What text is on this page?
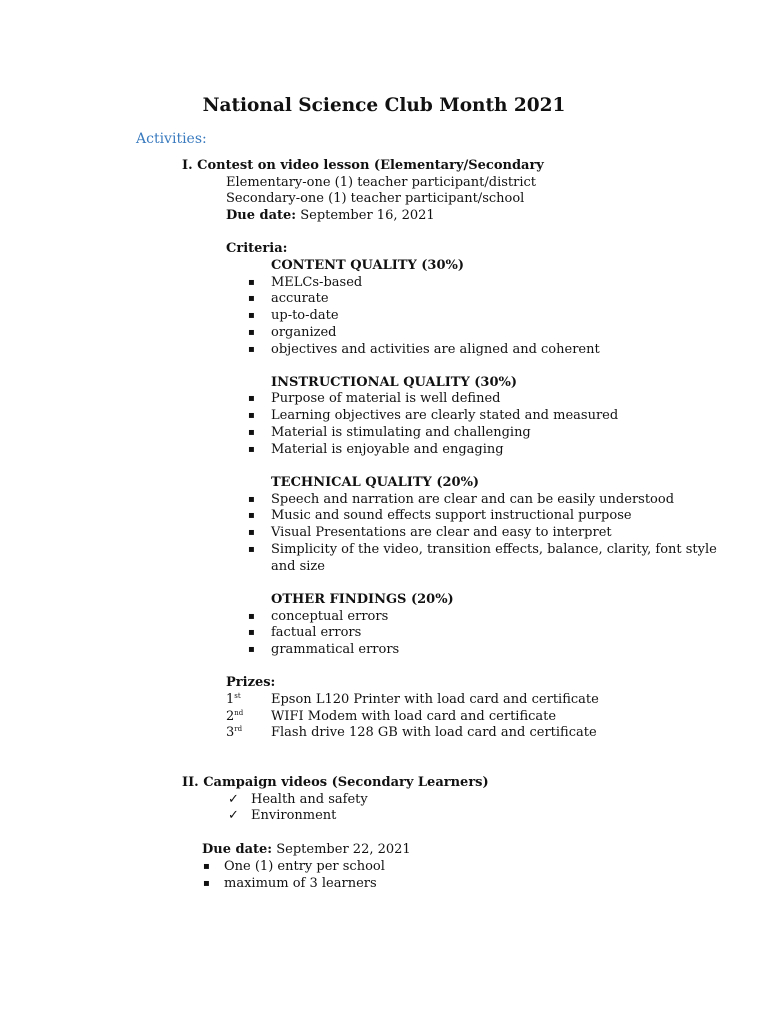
National Science Club Month 2021
Activities:
I. Contest on video lesson (Elementary/Secondary
Elementary-one (1) teacher participant/district
Secondary-one (1) teacher participant/school
Due date: September 16, 2021
Criteria:
CONTENT QUALITY (30%)
▪ MELCs-based
▪ accurate
▪ up-to-date
▪ organized
▪ objectives and activities are aligned and coherent
INSTRUCTIONAL QUALITY (30%)
▪ Purpose of material is well defined
▪ Learning objectives are clearly stated and measured
▪ Material is stimulating and challenging
▪ Material is enjoyable and engaging
TECHNICAL QUALITY (20%)
▪ Speech and narration are clear and can be easily understood
▪ Music and sound effects support instructional purpose
▪ Visual Presentations are clear and easy to interpret
▪ Simplicity of the video, transition effects, balance, clarity, font style
and size
OTHER FINDINGS (20%)
▪ conceptual errors
▪ factual errors
▪ grammatical errors
Prizes:
1st Epson L120 Printer with load card and certificate
2nd WIFI Modem with load card and certificate
3rd Flash drive 128 GB with load card and certificate
II. Campaign videos (Secondary Learners)
✓ Health and safety
✓ Environment
Due date: September 22, 2021
▪ One (1) entry per school
▪ maximum of 3 learners
